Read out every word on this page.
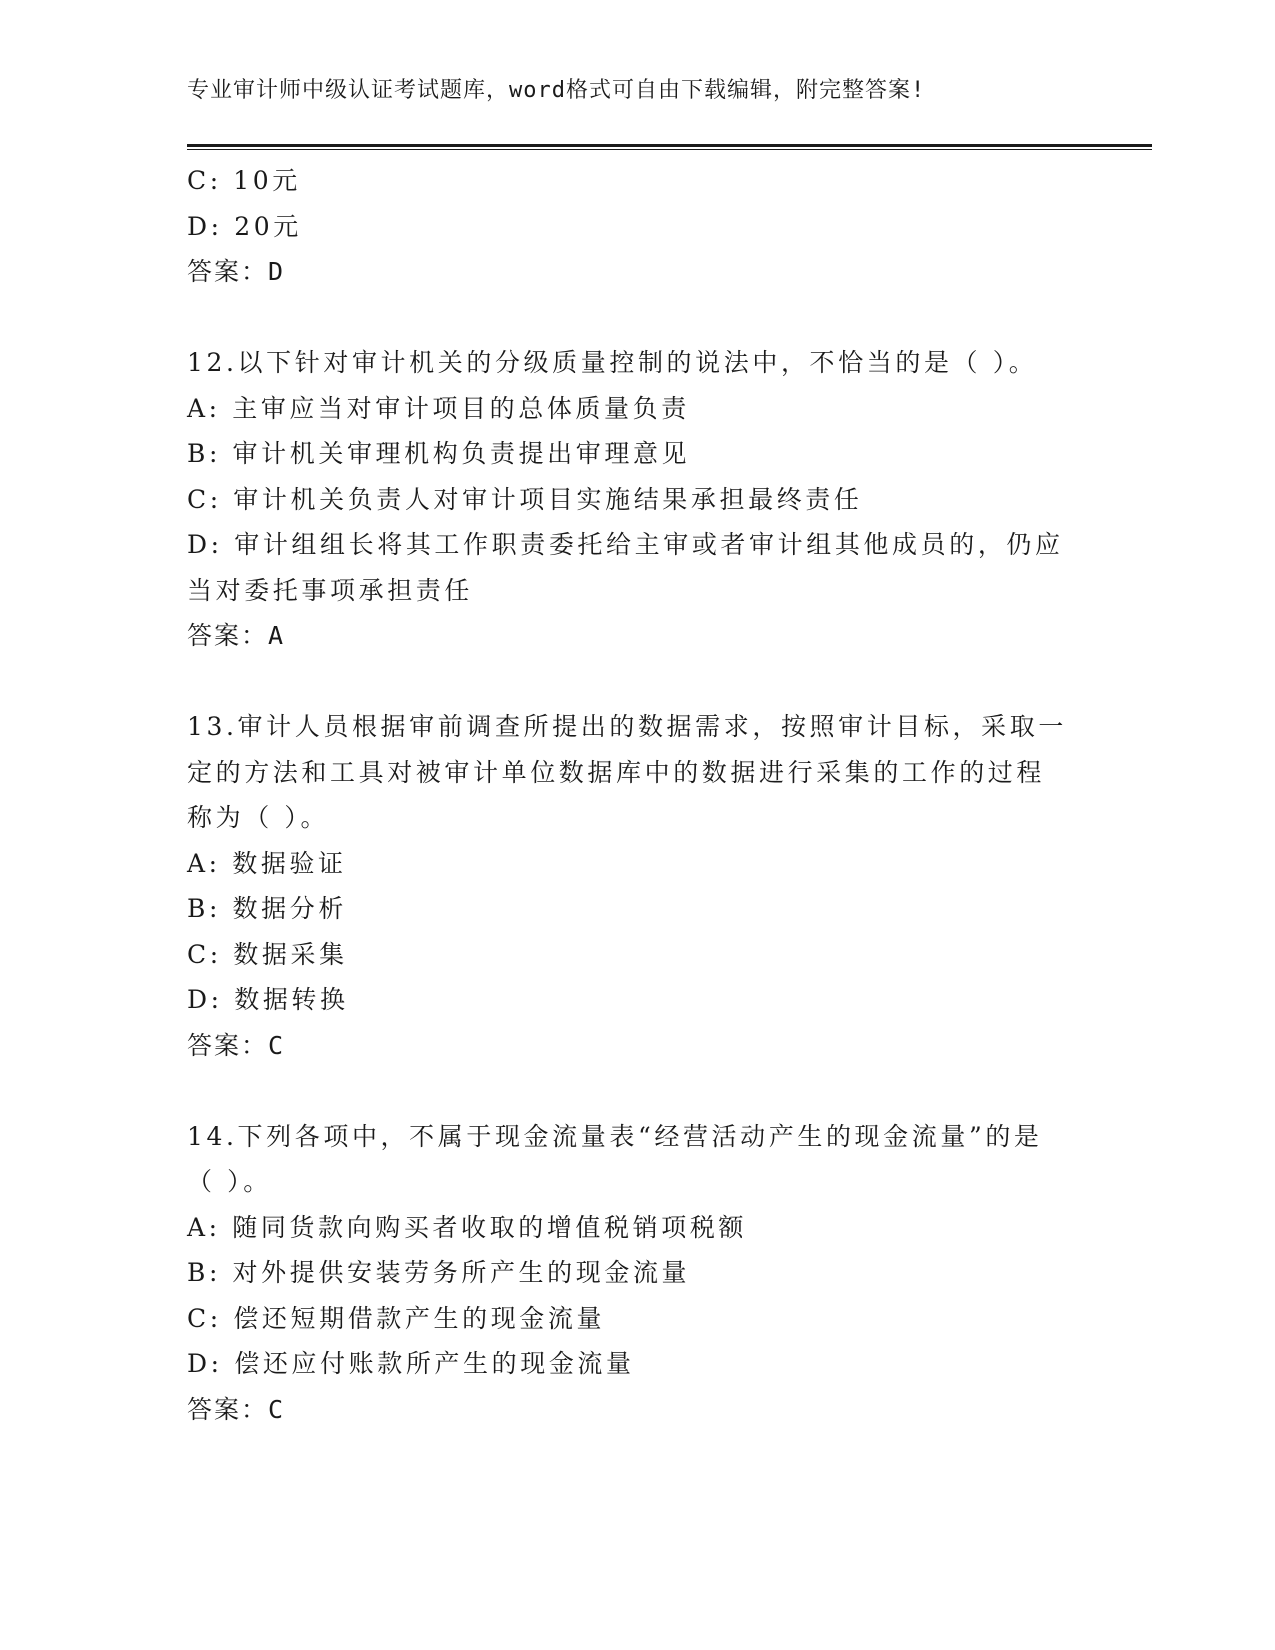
专业审计师中级认证考试题库，word格式可自由下载编辑，附完整答案!
C: 10元
D: 20元
答案：D
12.以下针对审计机关的分级质量控制的说法中，不恰当的是（ ）。
A: 主审应当对审计项目的总体质量负责
B: 审计机关审理机构负责提出审理意见
C: 审计机关负责人对审计项目实施结果承担最终责任
D: 审计组组长将其工作职责委托给主审或者审计组其他成员的，仍应
当对委托事项承担责任
答案：A
13.审计人员根据审前调查所提出的数据需求，按照审计目标，采取一
定的方法和工具对被审计单位数据库中的数据进行采集的工作的过程
称为（ ）。
A: 数据验证
B: 数据分析
C: 数据采集
D: 数据转换
答案：C
14.下列各项中，不属于现金流量表“经营活动产生的现金流量”的是
（ ）。
A: 随同货款向购买者收取的增值税销项税额
B: 对外提供安装劳务所产生的现金流量
C: 偿还短期借款产生的现金流量
D: 偿还应付账款所产生的现金流量
答案：C
